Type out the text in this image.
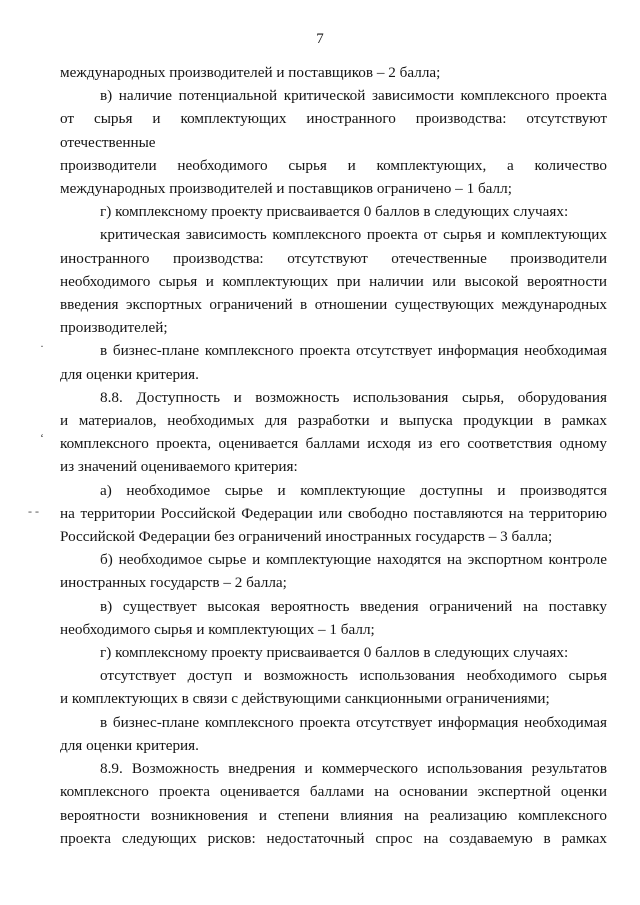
7

международных производителей и поставщиков – 2 балла;

в) наличие потенциальной критической зависимости комплексного проекта

от сырья и комплектующих иностранного производства: отсутствуют отечественные

производители необходимого сырья и комплектующих, а количество

международных производителей и поставщиков ограничено – 1 балл;

г) комплексному проекту присваивается 0 баллов в следующих случаях:

критическая зависимость комплексного проекта от сырья и комплектующих

иностранного производства: отсутствуют отечественные производители

необходимого сырья и комплектующих при наличии или высокой вероятности

введения экспортных ограничений в отношении существующих международных

производителей;

в бизнес-плане комплексного проекта отсутствует информация необходимая

для оценки критерия.

8.8. Доступность и возможность использования сырья, оборудования

и материалов, необходимых для разработки и выпуска продукции в рамках

комплексного проекта, оценивается баллами исходя из его соответствия одному

из значений оцениваемого критерия:

а) необходимое сырье и комплектующие доступны и производятся

на территории Российской Федерации или свободно поставляются на территорию

Российской Федерации без ограничений иностранных государств – 3 балла;

б) необходимое сырье и комплектующие находятся на экспортном контроле

иностранных государств – 2 балла;

в) существует высокая вероятность введения ограничений на поставку

необходимого сырья и комплектующих – 1 балл;

г) комплексному проекту присваивается 0 баллов в следующих случаях:

отсутствует доступ и возможность использования необходимого сырья

и комплектующих в связи с действующими санкционными ограничениями;

в бизнес-плане комплексного проекта отсутствует информация необходимая

для оценки критерия.

8.9. Возможность внедрения и коммерческого использования результатов

комплексного проекта оценивается баллами на основании экспертной оценки

вероятности возникновения и степени влияния на реализацию комплексного

проекта следующих рисков: недостаточный спрос на создаваемую в рамках

·
ʻ
- -
